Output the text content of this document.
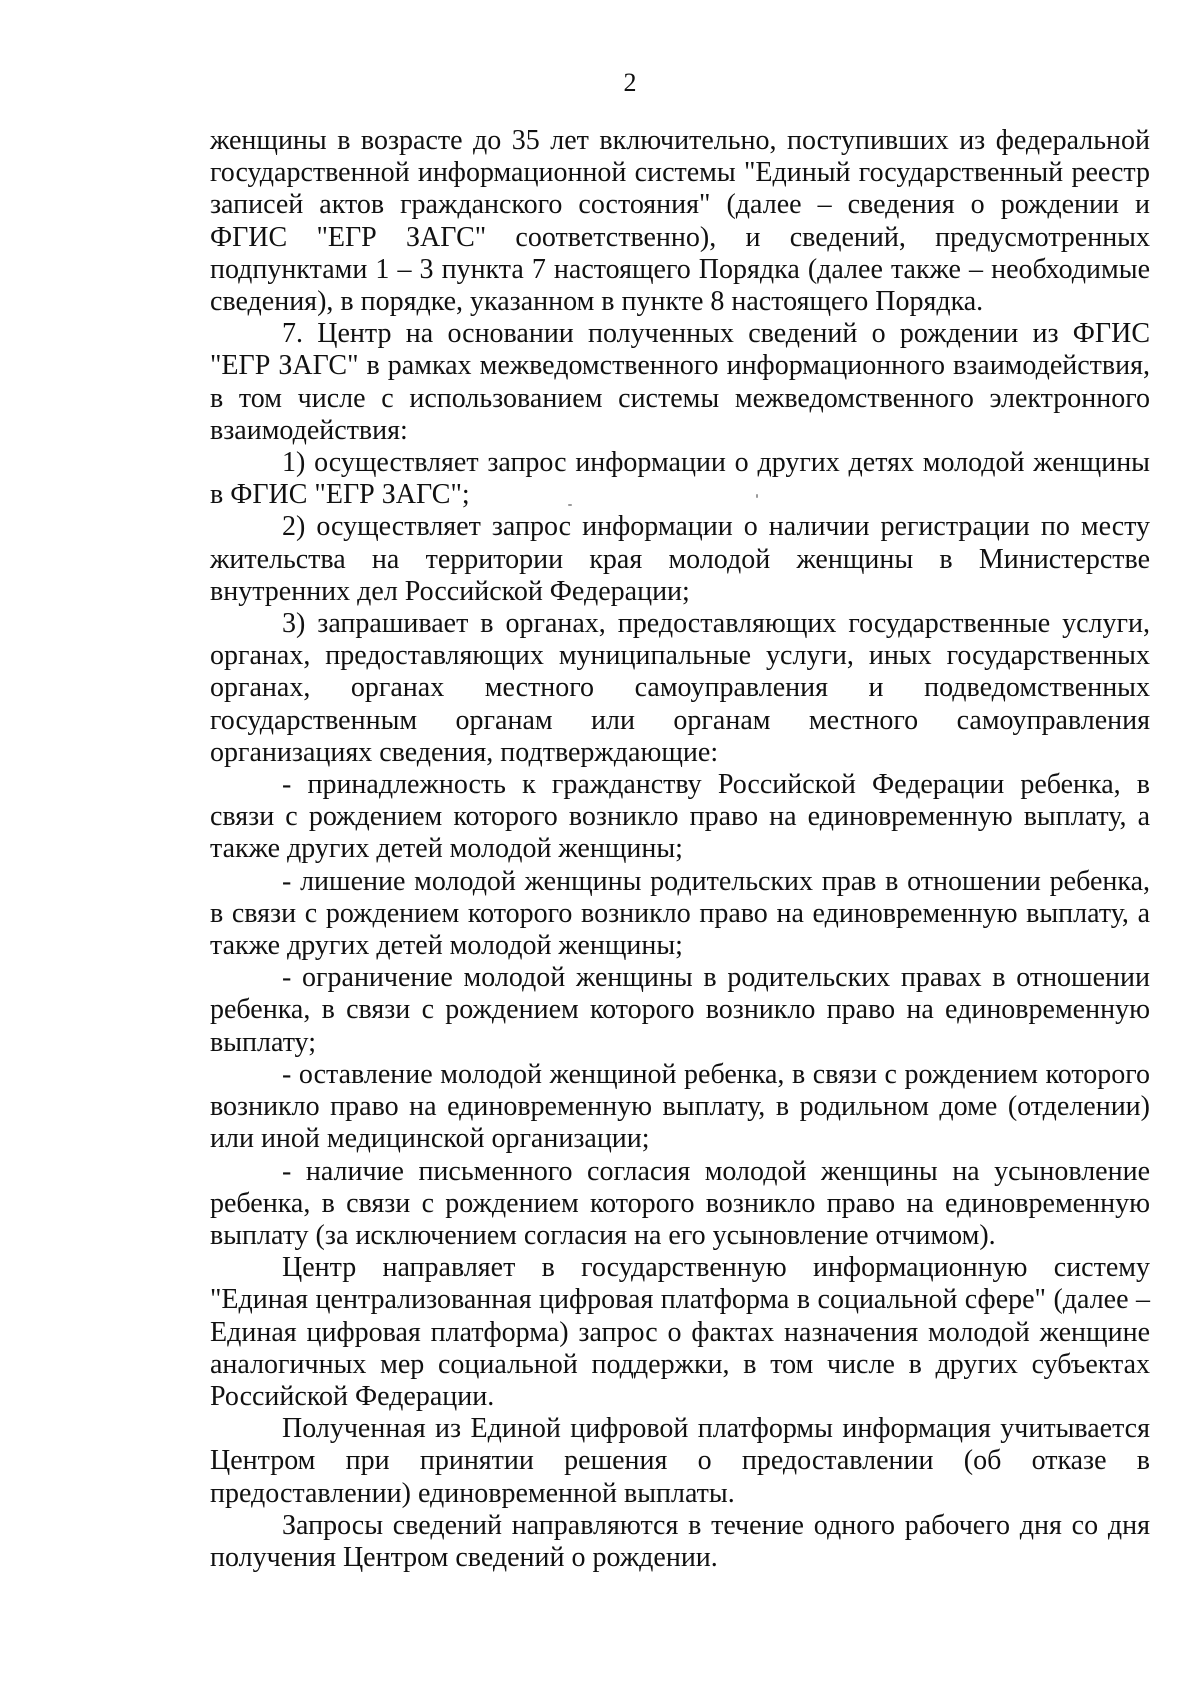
2

женщины в возрасте до 35 лет включительно, поступивших из федеральной государственной информационной системы "Единый государственный реестр записей актов гражданского состояния" (далее – сведения о рождении и ФГИС "ЕГР ЗАГС" соответственно), и сведений, предусмотренных подпунктами 1 – 3 пункта 7 настоящего Порядка (далее также – необходимые сведения), в порядке, указанном в пункте 8 настоящего Порядка.

7. Центр на основании полученных сведений о рождении из ФГИС "ЕГР ЗАГС" в рамках межведомственного информационного взаимодействия, в том числе с использованием системы межведомственного электронного взаимодействия:

1) осуществляет запрос информации о других детях молодой женщины в ФГИС "ЕГР ЗАГС";

2) осуществляет запрос информации о наличии регистрации по месту жительства на территории края молодой женщины в Министерстве внутренних дел Российской Федерации;

3) запрашивает в органах, предоставляющих государственные услуги, органах, предоставляющих муниципальные услуги, иных государственных органах, органах местного самоуправления и подведомственных государственным органам или органам местного самоуправления организациях сведения, подтверждающие:

- принадлежность к гражданству Российской Федерации ребенка, в связи с рождением которого возникло право на единовременную выплату, а также других детей молодой женщины;

- лишение молодой женщины родительских прав в отношении ребенка, в связи с рождением которого возникло право на единовременную выплату, а также других детей молодой женщины;

- ограничение молодой женщины в родительских правах в отношении ребенка, в связи с рождением которого возникло право на единовременную выплату;

- оставление молодой женщиной ребенка, в связи с рождением которого возникло право на единовременную выплату, в родильном доме (отделении) или иной медицинской организации;

- наличие письменного согласия молодой женщины на усыновление ребенка, в связи с рождением которого возникло право на единовременную выплату (за исключением согласия на его усыновление отчимом).

Центр направляет в государственную информационную систему "Единая централизованная цифровая платформа в социальной сфере" (далее – Единая цифровая платформа) запрос о фактах назначения молодой женщине аналогичных мер социальной поддержки, в том числе в других субъектах Российской Федерации.

Полученная из Единой цифровой платформы информация учитывается Центром при принятии решения о предоставлении (об отказе в предоставлении) единовременной выплаты.

Запросы сведений направляются в течение одного рабочего дня со дня получения Центром сведений о рождении.
